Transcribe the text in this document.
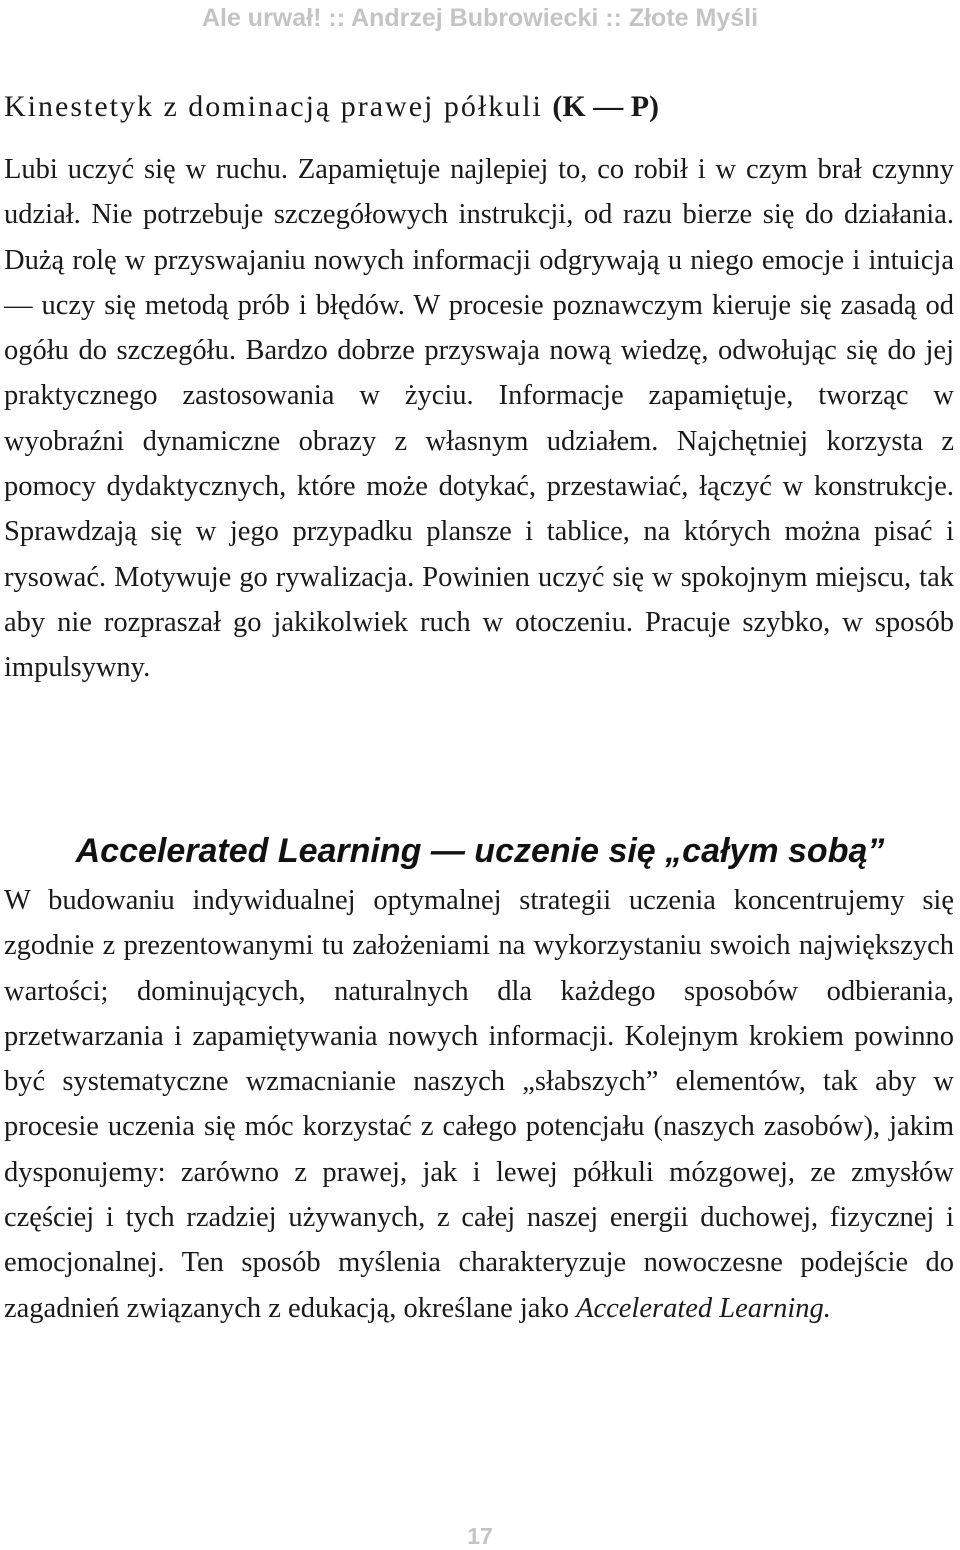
Ale urwał! :: Andrzej Bubrowiecki :: Złote Myśli
Kinestetyk z dominacją prawej półkuli (K — P)

Lubi uczyć się w ruchu. Zapamiętuje najlepiej to, co robił i w czym brał czynny udział. Nie potrzebuje szczegółowych instrukcji, od razu bierze się do działania. Dużą rolę w przyswajaniu nowych informacji odgrywają u niego emocje i intuicja — uczy się metodą prób i błędów. W procesie poznawczym kieruje się zasadą od ogółu do szczegółu. Bardzo dobrze przyswaja nową wiedzę, odwołując się do jej praktycznego zastosowania w życiu. Informacje zapamiętuje, tworząc w wyobraźni dynamiczne obrazy z własnym udziałem. Najchętniej korzysta z pomocy dydaktycznych, które może dotykać, przestawiać, łączyć w konstrukcje. Sprawdzają się w jego przypadku plansze i tablice, na których można pisać i rysować. Motywuje go rywalizacja. Powinien uczyć się w spokojnym miejscu, tak aby nie rozpraszał go jakikolwiek ruch w otoczeniu. Pracuje szybko, w sposób impulsywny.

Accelerated Learning — uczenie się „całym sobą”

W budowaniu indywidualnej optymalnej strategii uczenia koncentrujemy się zgodnie z prezentowanymi tu założeniami na wykorzystaniu swoich największych wartości; dominujących, naturalnych dla każdego sposobów odbierania, przetwarzania i zapamiętywania nowych informacji. Kolejnym krokiem powinno być systematyczne wzmacnianie naszych „słabszych” elementów, tak aby w procesie uczenia się móc korzystać z całego potencjału (naszych zasobów), jakim dysponujemy: zarówno z prawej, jak i lewej półkuli mózgowej, ze zmysłów częściej i tych rzadziej używanych, z całej naszej energii duchowej, fizycznej i emocjonalnej. Ten sposób myślenia charakteryzuje nowoczesne podejście do zagadnień związanych z edukacją, określane jako Accelerated Learning.

17
